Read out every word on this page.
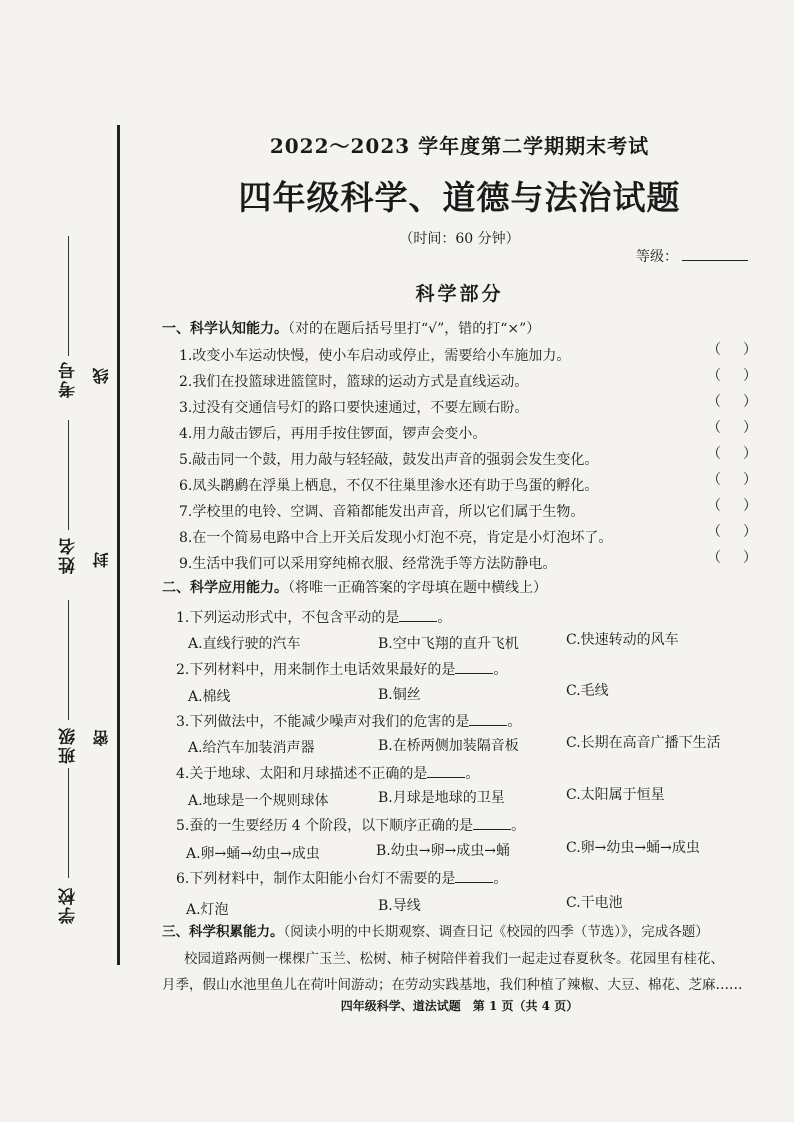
考号
姓名
班级
学校
线
封
密
2022～2023 学年度第二学期期末考试
四年级科学、道德与法治试题
（时间：60 分钟）
等级：
科学部分
一、科学认知能力。（对的在题后括号里打“√”，错的打“×”）
1.改变小车运动快慢，使小车启动或停止，需要给小车施加力。	（）
2.我们在投篮球进篮筐时，篮球的运动方式是直线运动。	（）
3.过没有交通信号灯的路口要快速通过，不要左顾右盼。	（）
4.用力敲击锣后，再用手按住锣面，锣声会变小。	（）
5.敲击同一个鼓，用力敲与轻轻敲，鼓发出声音的强弱会发生变化。	（）
6.凤头䴙䴘在浮巢上栖息，不仅不往巢里渗水还有助于鸟蛋的孵化。	（）
7.学校里的电铃、空调、音箱都能发出声音，所以它们属于生物。	（）
8.在一个简易电路中合上开关后发现小灯泡不亮，肯定是小灯泡坏了。	（）
9.生活中我们可以采用穿纯棉衣服、经常洗手等方法防静电。	（）
二、科学应用能力。（将唯一正确答案的字母填在题中横线上）
1.下列运动形式中，不包含平动的是	。
A.直线行驶的汽车	B.空中飞翔的直升飞机	C.快速转动的风车
2.下列材料中，用来制作土电话效果最好的是	。
A.棉线	B.铜丝	C.毛线
3.下列做法中，不能减少噪声对我们的危害的是	。
A.给汽车加装消声器	B.在桥两侧加装隔音板	C.长期在高音广播下生活
4.关于地球、太阳和月球描述不正确的是	。
A.地球是一个规则球体	B.月球是地球的卫星	C.太阳属于恒星
5.蚕的一生要经历 4 个阶段，以下顺序正确的是	。
A.卵→蛹→幼虫→成虫	B.幼虫→卵→成虫→蛹	C.卵→幼虫→蛹→成虫
6.下列材料中，制作太阳能小台灯不需要的是	。
A.灯泡	B.导线	C.干电池
三、科学积累能力。（阅读小明的中长期观察、调查日记《校园的四季（节选）》，完成各题）
校园道路两侧一棵棵广玉兰、松树、柿子树陪伴着我们一起走过春夏秋冬。花园里有桂花、
月季，假山水池里鱼儿在荷叶间游动；在劳动实践基地，我们种植了辣椒、大豆、棉花、芝麻……
四年级科学、道法试题　第 1 页（共 4 页）
